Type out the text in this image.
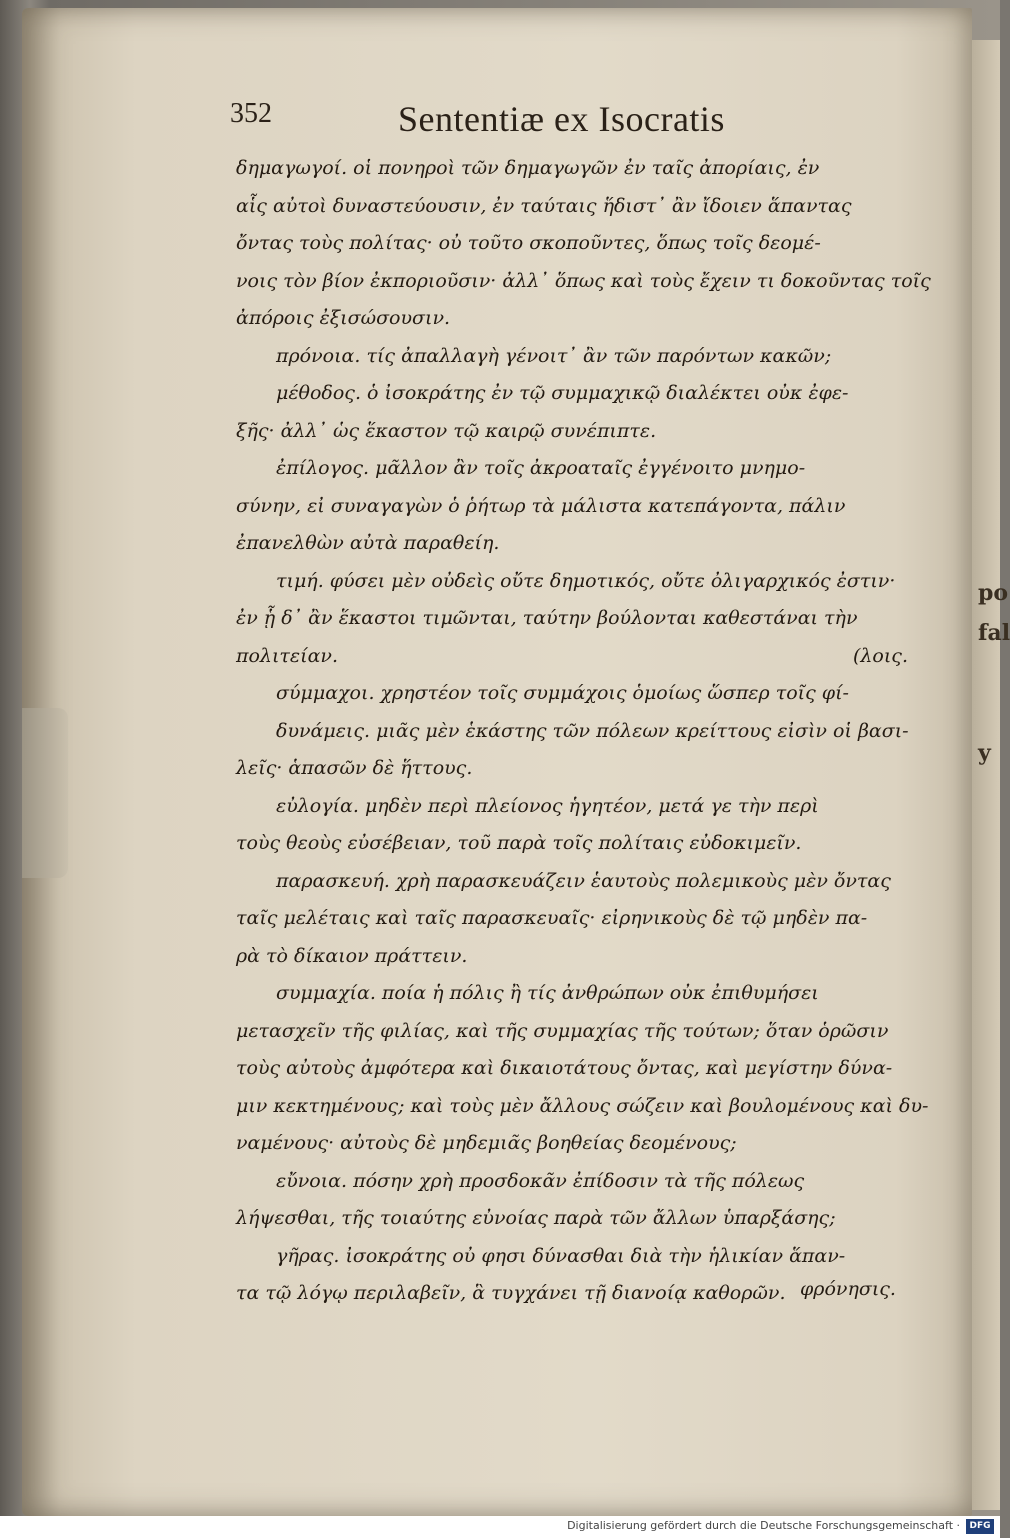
po
fal
y
352	Sententiæ ex Isocratis
δημαγωγοί. οἱ πονηροὶ τῶν δημαγωγῶν ἐν ταῖς ἀπορίαις, ἐν
αἷς αὐτοὶ δυναστεύουσιν, ἐν ταύταις ἥδιστ᾽ ἂν ἴδοιεν ἅπαντας
ὄντας τοὺς πολίτας· οὐ τοῦτο σκοποῦντες, ὅπως τοῖς δεομέ-
νοις τὸν βίον ἐκποριοῦσιν· ἀλλ᾽ ὅπως καὶ τοὺς ἔχειν τι δοκοῦντας τοῖς
ἀπόροις ἐξισώσουσιν.
πρόνοια. τίς ἀπαλλαγὴ γένοιτ᾽ ἂν τῶν παρόντων κακῶν;
μέθοδος. ὁ ἰσοκράτης ἐν τῷ συμμαχικῷ διαλέκτει οὐκ ἐφε-
ξῆς· ἀλλ᾽ ὡς ἕκαστον τῷ καιρῷ συνέπιπτε.
ἐπίλογος. μᾶλλον ἂν τοῖς ἀκροαταῖς ἐγγένοιτο μνημο-
σύνην, εἰ συναγαγὼν ὁ ῥήτωρ τὰ μάλιστα κατεπάγοντα, πάλιν
ἐπανελθὼν αὐτὰ παραθείη.
τιμή. φύσει μὲν οὐδεὶς οὔτε δημοτικός, οὔτε ὀλιγαρχικός ἐστιν·
ἐν ᾗ δ᾽ ἂν ἕκαστοι τιμῶνται, ταύτην βούλονται καθεστάναι τὴν
πολιτείαν.	(λοις.
σύμμαχοι. χρηστέον τοῖς συμμάχοις ὁμοίως ὥσπερ τοῖς φί-
δυνάμεις. μιᾶς μὲν ἑκάστης τῶν πόλεων κρείττους εἰσὶν οἱ βασι-
λεῖς· ἁπασῶν δὲ ἥττους.
εὐλογία. μηδὲν περὶ πλείονος ἡγητέον, μετά γε τὴν περὶ
τοὺς θεοὺς εὐσέβειαν, τοῦ παρὰ τοῖς πολίταις εὐδοκιμεῖν.
παρασκευή. χρὴ παρασκευάζειν ἑαυτοὺς πολεμικοὺς μὲν ὄντας
ταῖς μελέταις καὶ ταῖς παρασκευαῖς· εἰρηνικοὺς δὲ τῷ μηδὲν πα-
ρὰ τὸ δίκαιον πράττειν.
συμμαχία. ποία ἡ πόλις ἢ τίς ἀνθρώπων οὐκ ἐπιθυμήσει
μετασχεῖν τῆς φιλίας, καὶ τῆς συμμαχίας τῆς τούτων; ὅταν ὁρῶσιν
τοὺς αὐτοὺς ἀμφότερα καὶ δικαιοτάτους ὄντας, καὶ μεγίστην δύνα-
μιν κεκτημένους; καὶ τοὺς μὲν ἄλλους σώζειν καὶ βουλομένους καὶ δυ-
ναμένους· αὐτοὺς δὲ μηδεμιᾶς βοηθείας δεομένους;
εὔνοια. πόσην χρὴ προσδοκᾶν ἐπίδοσιν τὰ τῆς πόλεως
λήψεσθαι, τῆς τοιαύτης εὐνοίας παρὰ τῶν ἄλλων ὑπαρξάσης;
γῆρας. ἰσοκράτης οὐ φησι δύνασθαι διὰ τὴν ἡλικίαν ἅπαν-
τα τῷ λόγῳ περιλαβεῖν, ἃ τυγχάνει τῇ διανοίᾳ καθορῶν. φρόνησις.
Digitalisierung gefördert durch die Deutsche Forschungsgemeinschaft ·	DFG
